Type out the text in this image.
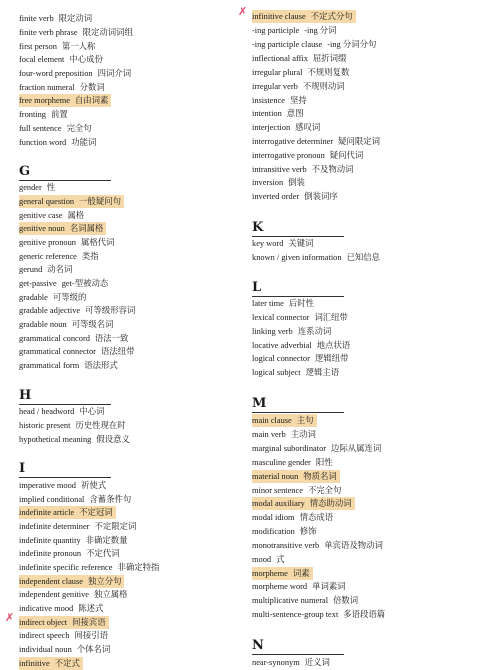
finite verb 限定动词
finite verb phrase 限定动词词组
first person 第一人称
focal element 中心成份
four-word preposition 四词介词
fraction numeral 分数词
free morpheme 自由词素
fronting 前置
full sentence 完全句
function word 功能词
G
gender 性
general question 一般疑问句
genitive case 属格
genitive noun 名词属格
genitive pronoun 属格代词
generic reference 类指
gerund 动名词
get-passive get-型被动态
gradable 可等级的
gradable adjective 可等级形容词
gradable noun 可等级名词
grammatical concord 语法一致
grammatical connector 语法纽带
grammatical form 语法形式
H
head / headword 中心词
historic present 历史性现在时
hypothetical meaning 假设意义
I
imperative mood 祈使式
implied conditional 含蓄条件句
indefinite article 不定冠词
indefinite determiner 不定限定词
indefinite quantity 非确定数量
indefinite pronoun 不定代词
indefinite specific reference 非确定特指
independent clause 独立分句
independent genitive 独立属格
indicative mood 陈述式
indirect object 间接宾语
indirect speech 间接引语
individual noun 个体名词
infinitive 不定式
✗
infinitive clause 不定式分句
-ing participle -ing 分词
-ing participle clause -ing 分词分句
inflectional affix 屈折词缀
irregular plural 不规则复数
irregular verb 不规则动词
insistence 坚持
intention 意图
interjection 感叹词
interrogative determiner 疑问限定词
interrogative pronoun 疑问代词
intransitive verb 不及物动词
inversion 倒装
inverted order 倒装词序
K
key word 关键词
known / given information 已知信息
L
later time 后时性
lexical connector 词汇纽带
linking verb 连系动词
locative adverbial 地点状语
logical connector 逻辑纽带
logical subject 逻辑主语
M
main clause 主句
main verb 主动词
marginal subordinator 边际从属连词
masculine gender 阳性
material noun 物质名词
minor sentence 不完全句
modal auxiliary 情态助动词
modal idiom 情态成语
modification 修饰
monotransitive verb 单宾语及物动词
mood 式
morpheme 词素
morpheme word 单词素词
multiplicative numeral 倍数词
multi-sentence-group text 多语段语篇
N
near-synonym 近义词
✗
